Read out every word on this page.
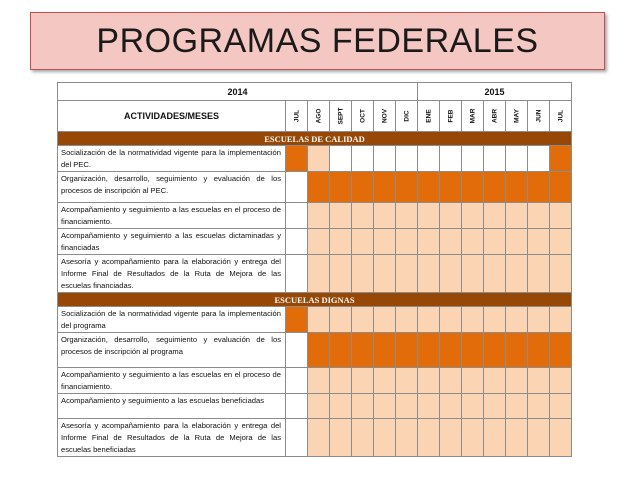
PROGRAMAS FEDERALES
2014							2015						
ACTIVIDADES/MESES	JUL	AGO	SEPT	OCT	NOV	DIC	ENE	FEB	MAR	ABR	MAY	JUN	JUL

ESCUELAS DE CALIDAD													
Socialización de la normatividad vigente para la implementación del PEC.													
Organización, desarrollo, seguimiento y evaluación de los procesos de inscripción al PEC.													
Acompañamiento y seguimiento a las escuelas en el proceso de financiamiento.													
Acompañamiento y seguimiento a las escuelas dictaminadas y financiadas													
Asesoría y acompañamiento para la elaboración y entrega del Informe Final de Resultados de la Ruta de Mejora de las escuelas financiadas.													
ESCUELAS DIGNAS													
Socialización de la normatividad vigente para la implementación del programa													
Organización, desarrollo, seguimiento y evaluación de los procesos de inscripción al programa													
Acompañamiento y seguimiento a las escuelas en el proceso de financiamiento.													
Acompañamiento y seguimiento a las escuelas beneficiadas													
Asesoría y acompañamiento para la elaboración y entrega del Informe Final de Resultados de la Ruta de Mejora de las escuelas beneficiadas													
